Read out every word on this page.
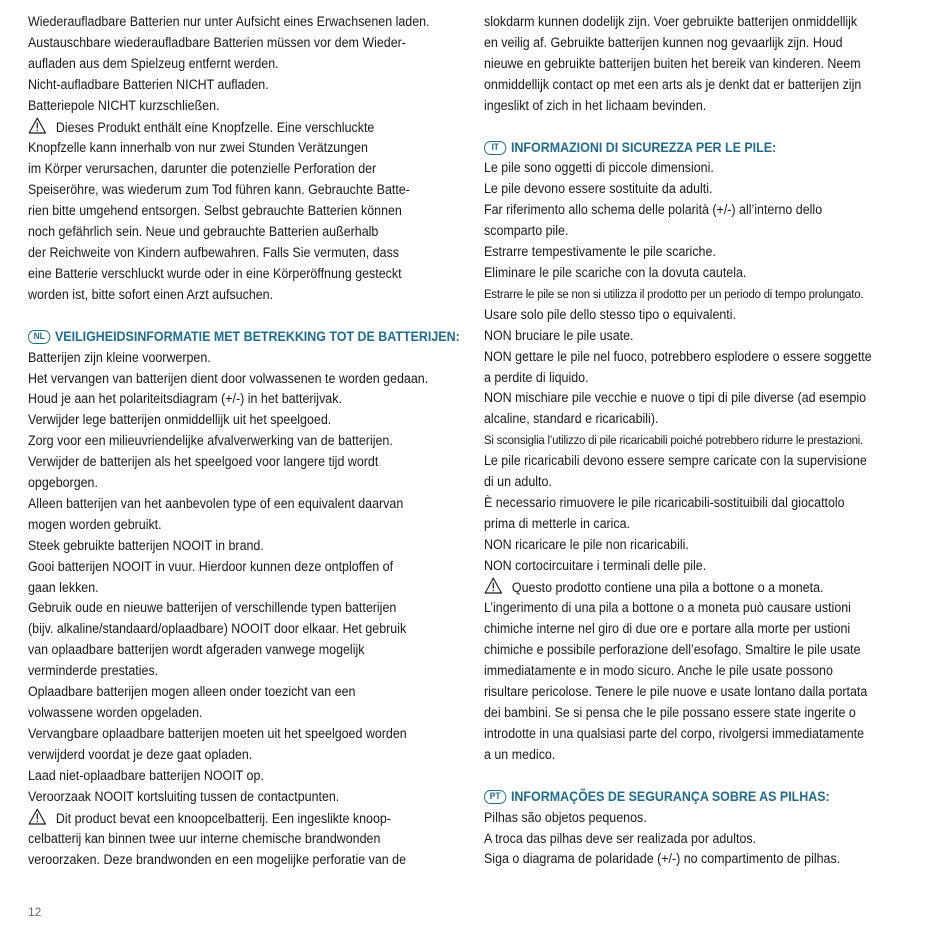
Wiederaufladbare Batterien nur unter Aufsicht eines Erwachsenen laden.
Austauschbare wiederaufladbare Batterien müssen vor dem Wieder-
aufladen aus dem Spielzeug entfernt werden.
Nicht-aufladbare Batterien NICHT aufladen.
Batteriepole NICHT kurzschließen.
Dieses Produkt enthält eine Knopfzelle. Eine verschluckte
Knopfzelle kann innerhalb von nur zwei Stunden Verätzungen
im Körper verursachen, darunter die potenzielle Perforation der
Speiseröhre, was wiederum zum Tod führen kann. Gebrauchte Batte-
rien bitte umgehend entsorgen. Selbst gebrauchte Batterien können
noch gefährlich sein. Neue und gebrauchte Batterien außerhalb
der Reichweite von Kindern aufbewahren. Falls Sie vermuten, dass
eine Batterie verschluckt wurde oder in eine Körperöffnung gesteckt
worden ist, bitte sofort einen Arzt aufsuchen.
NL VEILIGHEIDSINFORMATIE MET BETREKKING TOT DE BATTERIJEN:
Batterijen zijn kleine voorwerpen.
Het vervangen van batterijen dient door volwassenen te worden gedaan.
Houd je aan het polariteitsdiagram (+/-) in het batterijvak.
Verwijder lege batterijen onmiddellijk uit het speelgoed.
Zorg voor een milieuvriendelijke afvalverwerking van de batterijen.
Verwijder de batterijen als het speelgoed voor langere tijd wordt
opgeborgen.
Alleen batterijen van het aanbevolen type of een equivalent daarvan
mogen worden gebruikt.
Steek gebruikte batterijen NOOIT in brand.
Gooi batterijen NOOIT in vuur. Hierdoor kunnen deze ontploffen of
gaan lekken.
Gebruik oude en nieuwe batterijen of verschillende typen batterijen
(bijv. alkaline/standaard/oplaadbare) NOOIT door elkaar. Het gebruik
van oplaadbare batterijen wordt afgeraden vanwege mogelijk
verminderde prestaties.
Oplaadbare batterijen mogen alleen onder toezicht van een
volwassene worden opgeladen.
Vervangbare oplaadbare batterijen moeten uit het speelgoed worden
verwijderd voordat je deze gaat opladen.
Laad niet-oplaadbare batterijen NOOIT op.
Veroorzaak NOOIT kortsluiting tussen de contactpunten.
Dit product bevat een knoopcelbatterij. Een ingeslikte knoop-
celbatterij kan binnen twee uur interne chemische brandwonden
veroorzaken. Deze brandwonden en een mogelijke perforatie van de
slokdarm kunnen dodelijk zijn. Voer gebruikte batterijen onmiddellijk
en veilig af. Gebruikte batterijen kunnen nog gevaarlijk zijn. Houd
nieuwe en gebruikte batterijen buiten het bereik van kinderen. Neem
onmiddellijk contact op met een arts als je denkt dat er batterijen zijn
ingeslikt of zich in het lichaam bevinden.
IT INFORMAZIONI DI SICUREZZA PER LE PILE:
Le pile sono oggetti di piccole dimensioni.
Le pile devono essere sostituite da adulti.
Far riferimento allo schema delle polarità (+/-) all’interno dello
scomparto pile.
Estrarre tempestivamente le pile scariche.
Eliminare le pile scariche con la dovuta cautela.
Estrarre le pile se non si utilizza il prodotto per un periodo di tempo prolungato.
Usare solo pile dello stesso tipo o equivalenti.
NON bruciare le pile usate.
NON gettare le pile nel fuoco, potrebbero esplodere o essere soggette
a perdite di liquido.
NON mischiare pile vecchie e nuove o tipi di pile diverse (ad esempio
alcaline, standard e ricaricabili).
Si sconsiglia l’utilizzo di pile ricaricabili poiché potrebbero ridurre le prestazioni.
Le pile ricaricabili devono essere sempre caricate con la supervisione
di un adulto.
È necessario rimuovere le pile ricaricabili-sostituibili dal giocattolo
prima di metterle in carica.
NON ricaricare le pile non ricaricabili.
NON cortocircuitare i terminali delle pile.
Questo prodotto contiene una pila a bottone o a moneta.
L’ingerimento di una pila a bottone o a moneta può causare ustioni
chimiche interne nel giro di due ore e portare alla morte per ustioni
chimiche e possibile perforazione dell’esofago. Smaltire le pile usate
immediatamente e in modo sicuro. Anche le pile usate possono
risultare pericolose. Tenere le pile nuove e usate lontano dalla portata
dei bambini. Se si pensa che le pile possano essere state ingerite o
introdotte in una qualsiasi parte del corpo, rivolgersi immediatamente
a un medico.
PT INFORMAÇÕES DE SEGURANÇA SOBRE AS PILHAS:
Pilhas são objetos pequenos.
A troca das pilhas deve ser realizada por adultos.
Siga o diagrama de polaridade (+/-) no compartimento de pilhas.
12
